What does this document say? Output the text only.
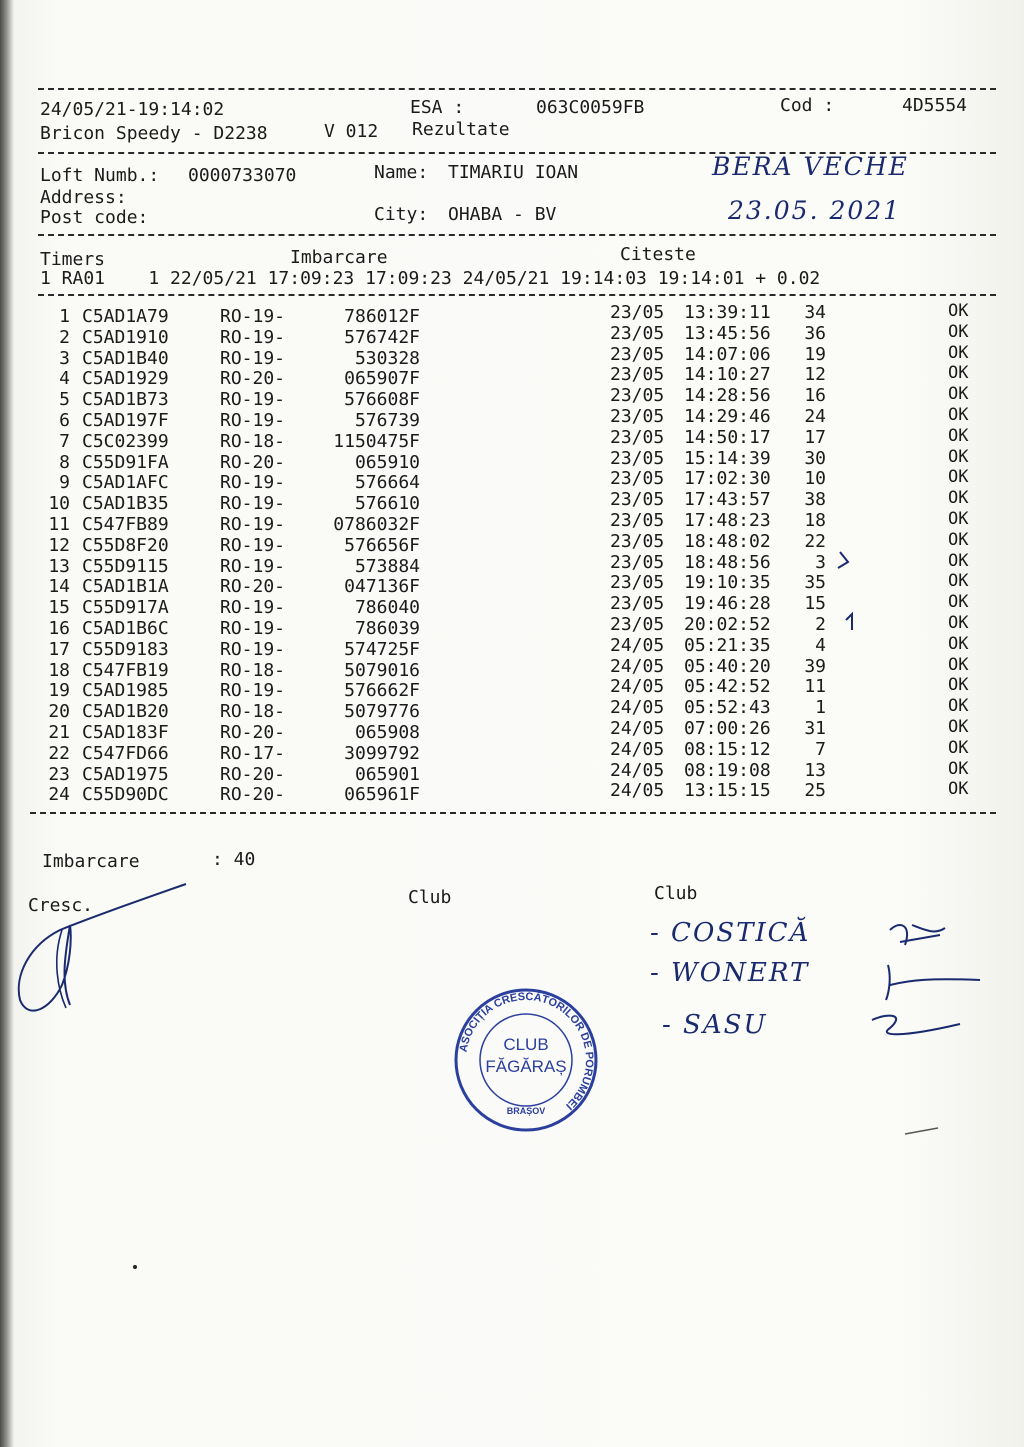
24/05/21-19:14:02	ESA :	063C0059FB	Cod :	4D5554
Bricon Speedy - D2238	V 012 Rezultate
Loft Numb.: 0000733070	Name: TIMARIU IOAN
Address:
Post code:	City: OHABA - BV
BERA VECHE
23.05. 2021
Timers	Imbarcare	Citeste
1 RA01    1 22/05/21 17:09:23 17:09:23 24/05/21 19:14:03 19:14:01 + 0.02
1 C5AD1A79	RO-19-	786012F	23/05 13:39:11	34	OK
2 C5AD1910	RO-19-	576742F	23/05 13:45:56	36	OK
3 C5AD1B40	RO-19-	530328	23/05 14:07:06	19	OK
4 C5AD1929	RO-20-	065907F	23/05 14:10:27	12	OK
5 C5AD1B73	RO-19-	576608F	23/05 14:28:56	16	OK
6 C5AD197F	RO-19-	576739	23/05 14:29:46	24	OK
7 C5C02399	RO-18-	1150475F	23/05 14:50:17	17	OK
8 C55D91FA	RO-20-	065910	23/05 15:14:39	30	OK
9 C5AD1AFC	RO-19-	576664	23/05 17:02:30	10	OK
10 C5AD1B35	RO-19-	576610	23/05 17:43:57	38	OK
11 C547FB89	RO-19-	0786032F	23/05 17:48:23	18	OK
12 C55D8F20	RO-19-	576656F	23/05 18:48:02	22	OK
13 C55D9115	RO-19-	573884	23/05 18:48:56	3	OK
14 C5AD1B1A	RO-20-	047136F	23/05 19:10:35	35	OK
15 C55D917A	RO-19-	786040	23/05 19:46:28	15	OK
16 C5AD1B6C	RO-19-	786039	23/05 20:02:52	2	OK
17 C55D9183	RO-19-	574725F	24/05 05:21:35	4	OK
18 C547FB19	RO-18-	5079016	24/05 05:40:20	39	OK
19 C5AD1985	RO-19-	576662F	24/05 05:42:52	11	OK
20 C5AD1B20	RO-18-	5079776	24/05 05:52:43	1	OK
21 C5AD183F	RO-20-	065908	24/05 07:00:26	31	OK
22 C547FD66	RO-17-	3099792	24/05 08:15:12	7	OK
23 C5AD1975	RO-20-	065901	24/05 08:19:08	13	OK
24 C55D90DC	RO-20-	065961F	24/05 13:15:15	25	OK
Imbarcare	: 40
Cresc.	Club	Club
- COSTICĂ
- WONERT
- SASU
ASOCIȚIA CRESCĂTORILOR DE PORUMBEI
CLUB
FĂGĂRAȘ
BRAȘOV
